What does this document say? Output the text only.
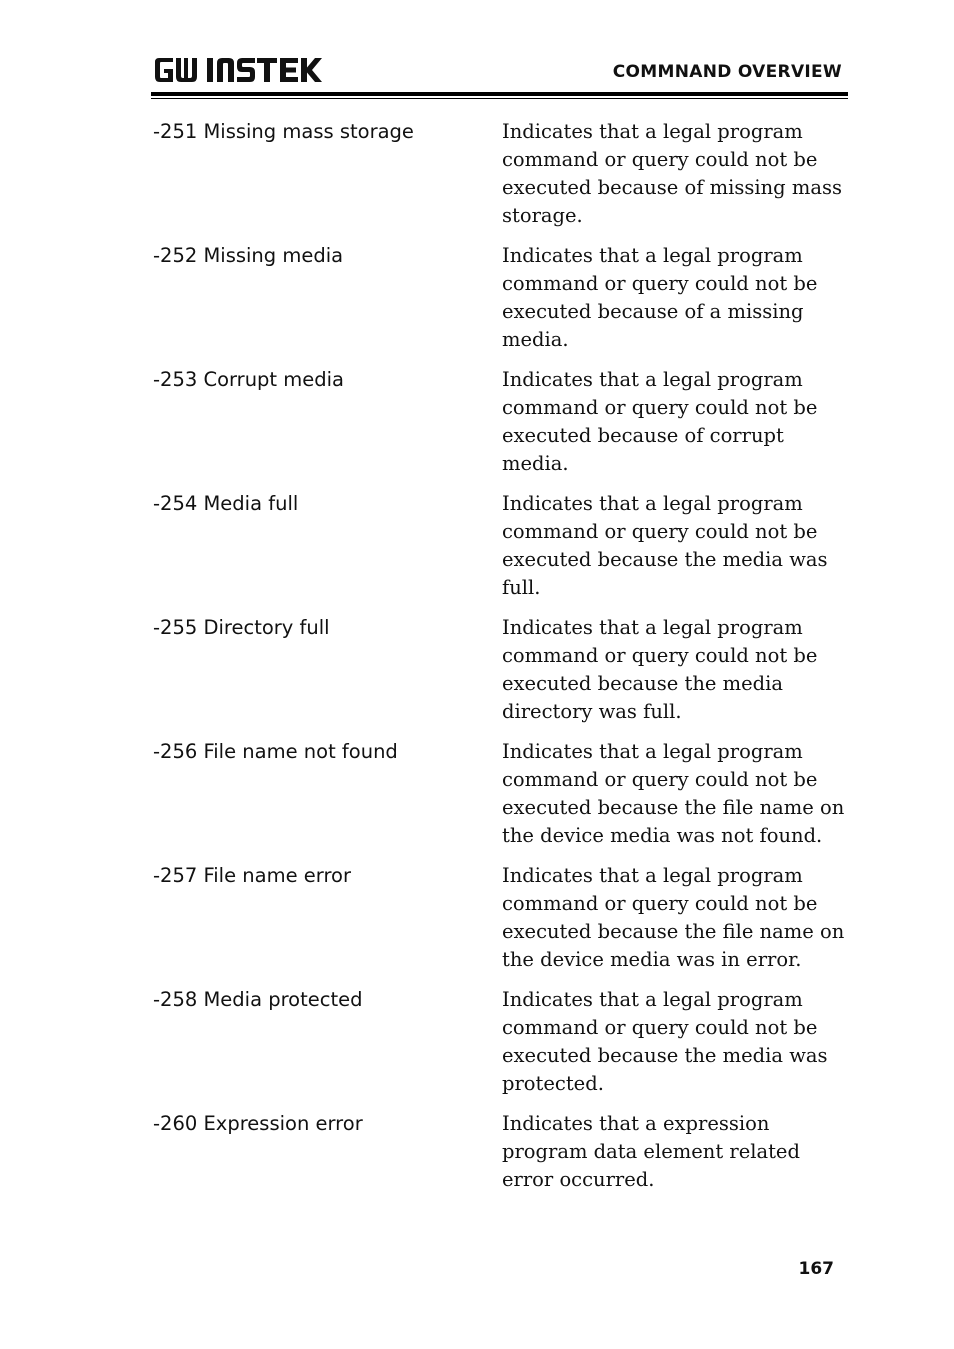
COMMNAND OVERVIEW
-251 Missing mass storage	Indicates that a legal program
command or query could not be
executed because of missing mass
storage.
-252 Missing media	Indicates that a legal program
command or query could not be
executed because of a missing
media.
-253 Corrupt media	Indicates that a legal program
command or query could not be
executed because of corrupt
media.
-254 Media full	Indicates that a legal program
command or query could not be
executed because the media was
full.
-255 Directory full	Indicates that a legal program
command or query could not be
executed because the media
directory was full.
-256 File name not found	Indicates that a legal program
command or query could not be
executed because the file name on
the device media was not found.
-257 File name error	Indicates that a legal program
command or query could not be
executed because the file name on
the device media was in error.
-258 Media protected	Indicates that a legal program
command or query could not be
executed because the media was
protected.
-260 Expression error	Indicates that a expression
program data element related
error occurred.
167
